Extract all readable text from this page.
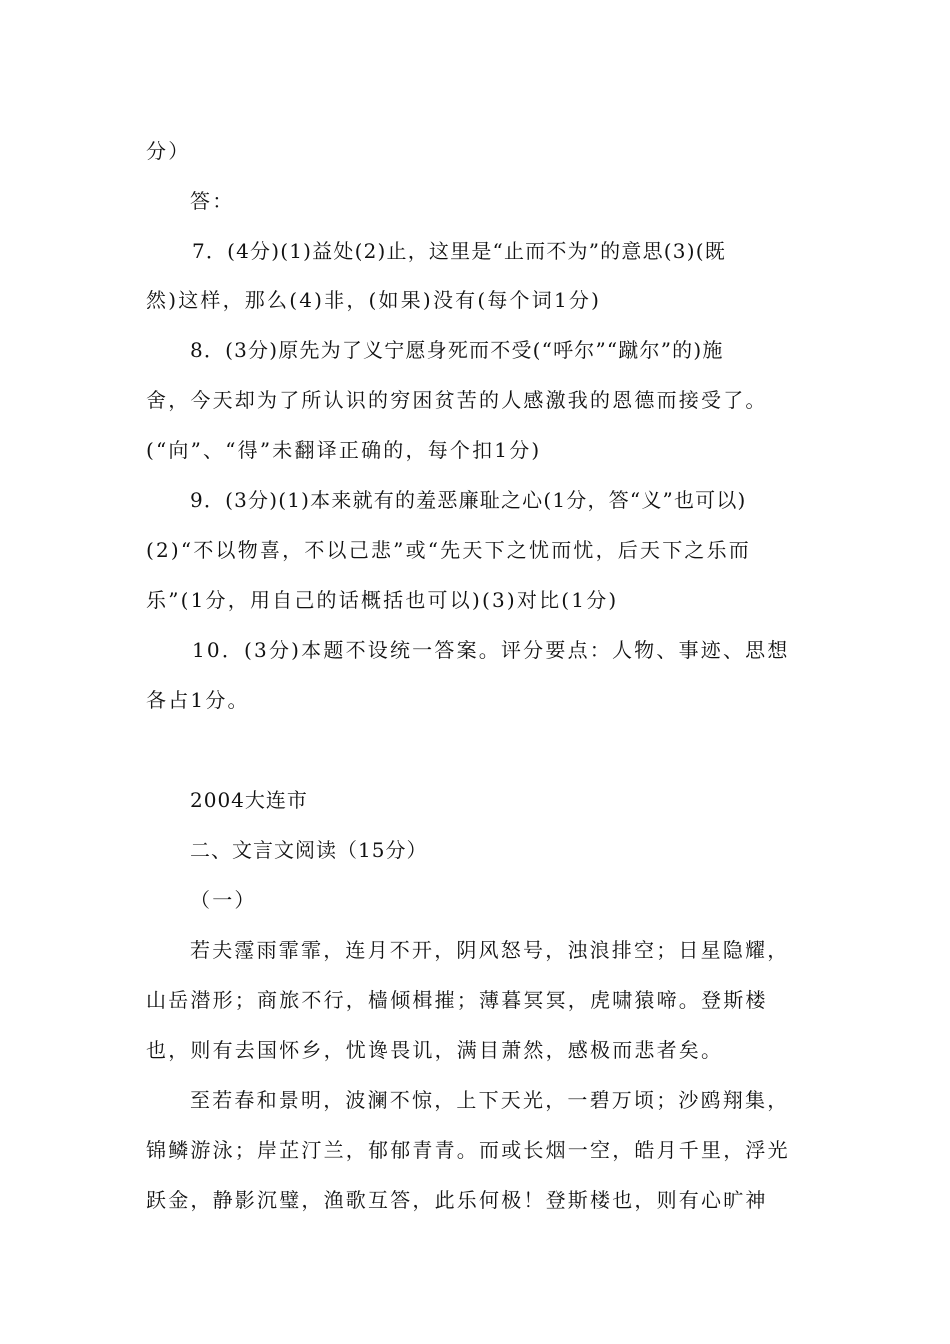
分）
答：
7．(4分)(1)益处(2)止，这里是“止而不为”的意思(3)(既
然)这样，那么(4)非，(如果)没有(每个词1分)
8．(3分)原先为了义宁愿身死而不受(“呼尔”“蹴尔”的)施
舍，今天却为了所认识的穷困贫苦的人感激我的恩德而接受了。
(“向”、“得”未翻译正确的，每个扣1分)
9．(3分)(1)本来就有的羞恶廉耻之心(1分，答“义”也可以)
(2)“不以物喜，不以己悲”或“先天下之忧而忧，后天下之乐而
乐”(1分，用自己的话概括也可以)(3)对比(1分)
10．(3分)本题不设统一答案。评分要点：人物、事迹、思想
各占1分。
2004大连市
二、文言文阅读（15分）
（一）
若夫霪雨霏霏，连月不开，阴风怒号，浊浪排空；日星隐耀，
山岳潜形；商旅不行，樯倾楫摧；薄暮冥冥，虎啸猿啼。登斯楼
也，则有去国怀乡，忧谗畏讥，满目萧然，感极而悲者矣。
至若春和景明，波澜不惊，上下天光，一碧万顷；沙鸥翔集，
锦鳞游泳；岸芷汀兰，郁郁青青。而或长烟一空，皓月千里，浮光
跃金，静影沉璧，渔歌互答，此乐何极！登斯楼也，则有心旷神
